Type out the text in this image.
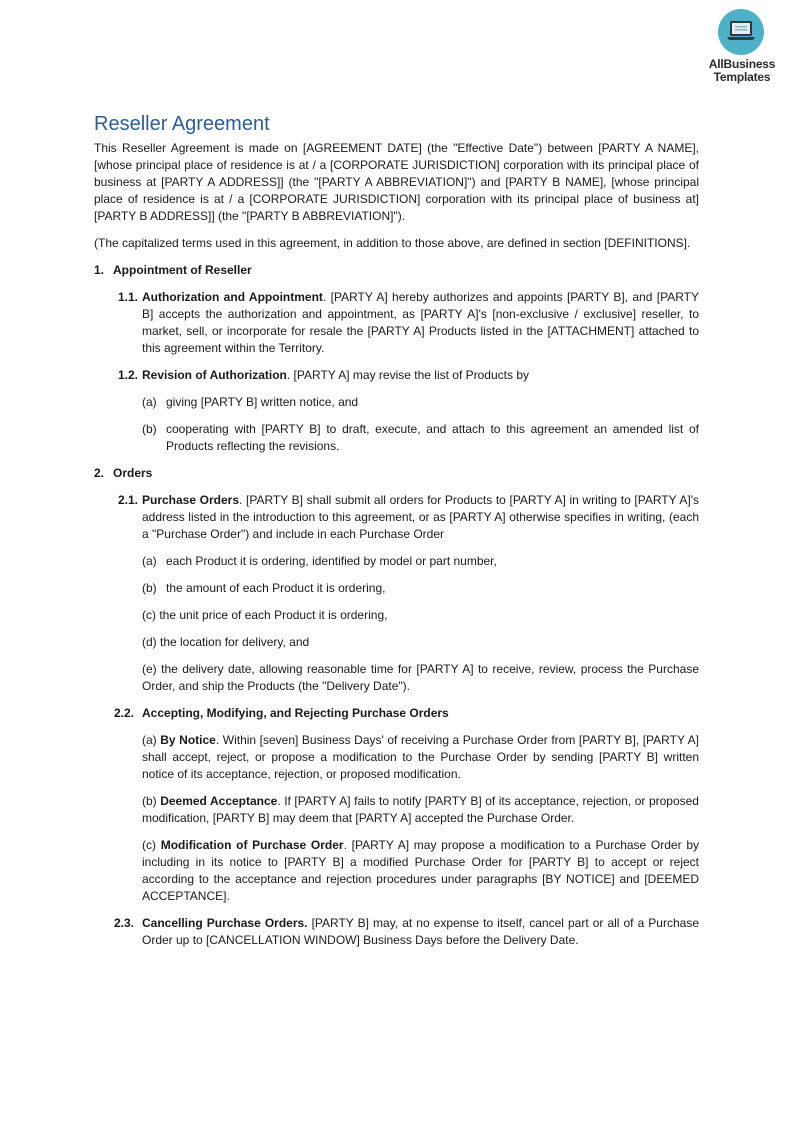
AllBusiness
Templates
Reseller Agreement

This Reseller Agreement is made on [AGREEMENT DATE] (the "Effective Date") between [PARTY A NAME], [whose principal place of residence is at / a [CORPORATE JURISDICTION] corporation with its principal place of business at [PARTY A ADDRESS]] (the "[PARTY A ABBREVIATION]") and [PARTY B NAME], [whose principal place of residence is at / a [CORPORATE JURISDICTION] corporation with its principal place of business at] [PARTY B ADDRESS]] (the "[PARTY B ABBREVIATION]").

(The capitalized terms used in this agreement, in addition to those above, are defined in section [DEFINITIONS].

1. Appointment of Reseller
1.1. Authorization and Appointment. [PARTY A] hereby authorizes and appoints [PARTY B], and [PARTY B] accepts the authorization and appointment, as [PARTY A]'s [non-exclusive / exclusive] reseller, to market, sell, or incorporate for resale the [PARTY A] Products listed in the [ATTACHMENT] attached to this agreement within the Territory.
1.2. Revision of Authorization. [PARTY A] may revise the list of Products by
(a) giving [PARTY B] written notice, and
(b) cooperating with [PARTY B] to draft, execute, and attach to this agreement an amended list of Products reflecting the revisions.
2. Orders
2.1. Purchase Orders. [PARTY B] shall submit all orders for Products to [PARTY A] in writing to [PARTY A]'s address listed in the introduction to this agreement, or as [PARTY A] otherwise specifies in writing, (each a "Purchase Order") and include in each Purchase Order
(a) each Product it is ordering, identified by model or part number,
(b) the amount of each Product it is ordering,
(c) the unit price of each Product it is ordering,
(d) the location for delivery, and
(e) the delivery date, allowing reasonable time for [PARTY A] to receive, review, process the Purchase Order, and ship the Products (the "Delivery Date").
2.2. Accepting, Modifying, and Rejecting Purchase Orders
(a) By Notice. Within [seven] Business Days' of receiving a Purchase Order from [PARTY B], [PARTY A] shall accept, reject, or propose a modification to the Purchase Order by sending [PARTY B] written notice of its acceptance, rejection, or proposed modification.
(b) Deemed Acceptance. If [PARTY A] fails to notify [PARTY B] of its acceptance, rejection, or proposed modification, [PARTY B] may deem that [PARTY A] accepted the Purchase Order.
(c) Modification of Purchase Order. [PARTY A] may propose a modification to a Purchase Order by including in its notice to [PARTY B] a modified Purchase Order for [PARTY B] to accept or reject according to the acceptance and rejection procedures under paragraphs [BY NOTICE] and [DEEMED ACCEPTANCE].
2.3. Cancelling Purchase Orders. [PARTY B] may, at no expense to itself, cancel part or all of a Purchase Order up to [CANCELLATION WINDOW] Business Days before the Delivery Date.
